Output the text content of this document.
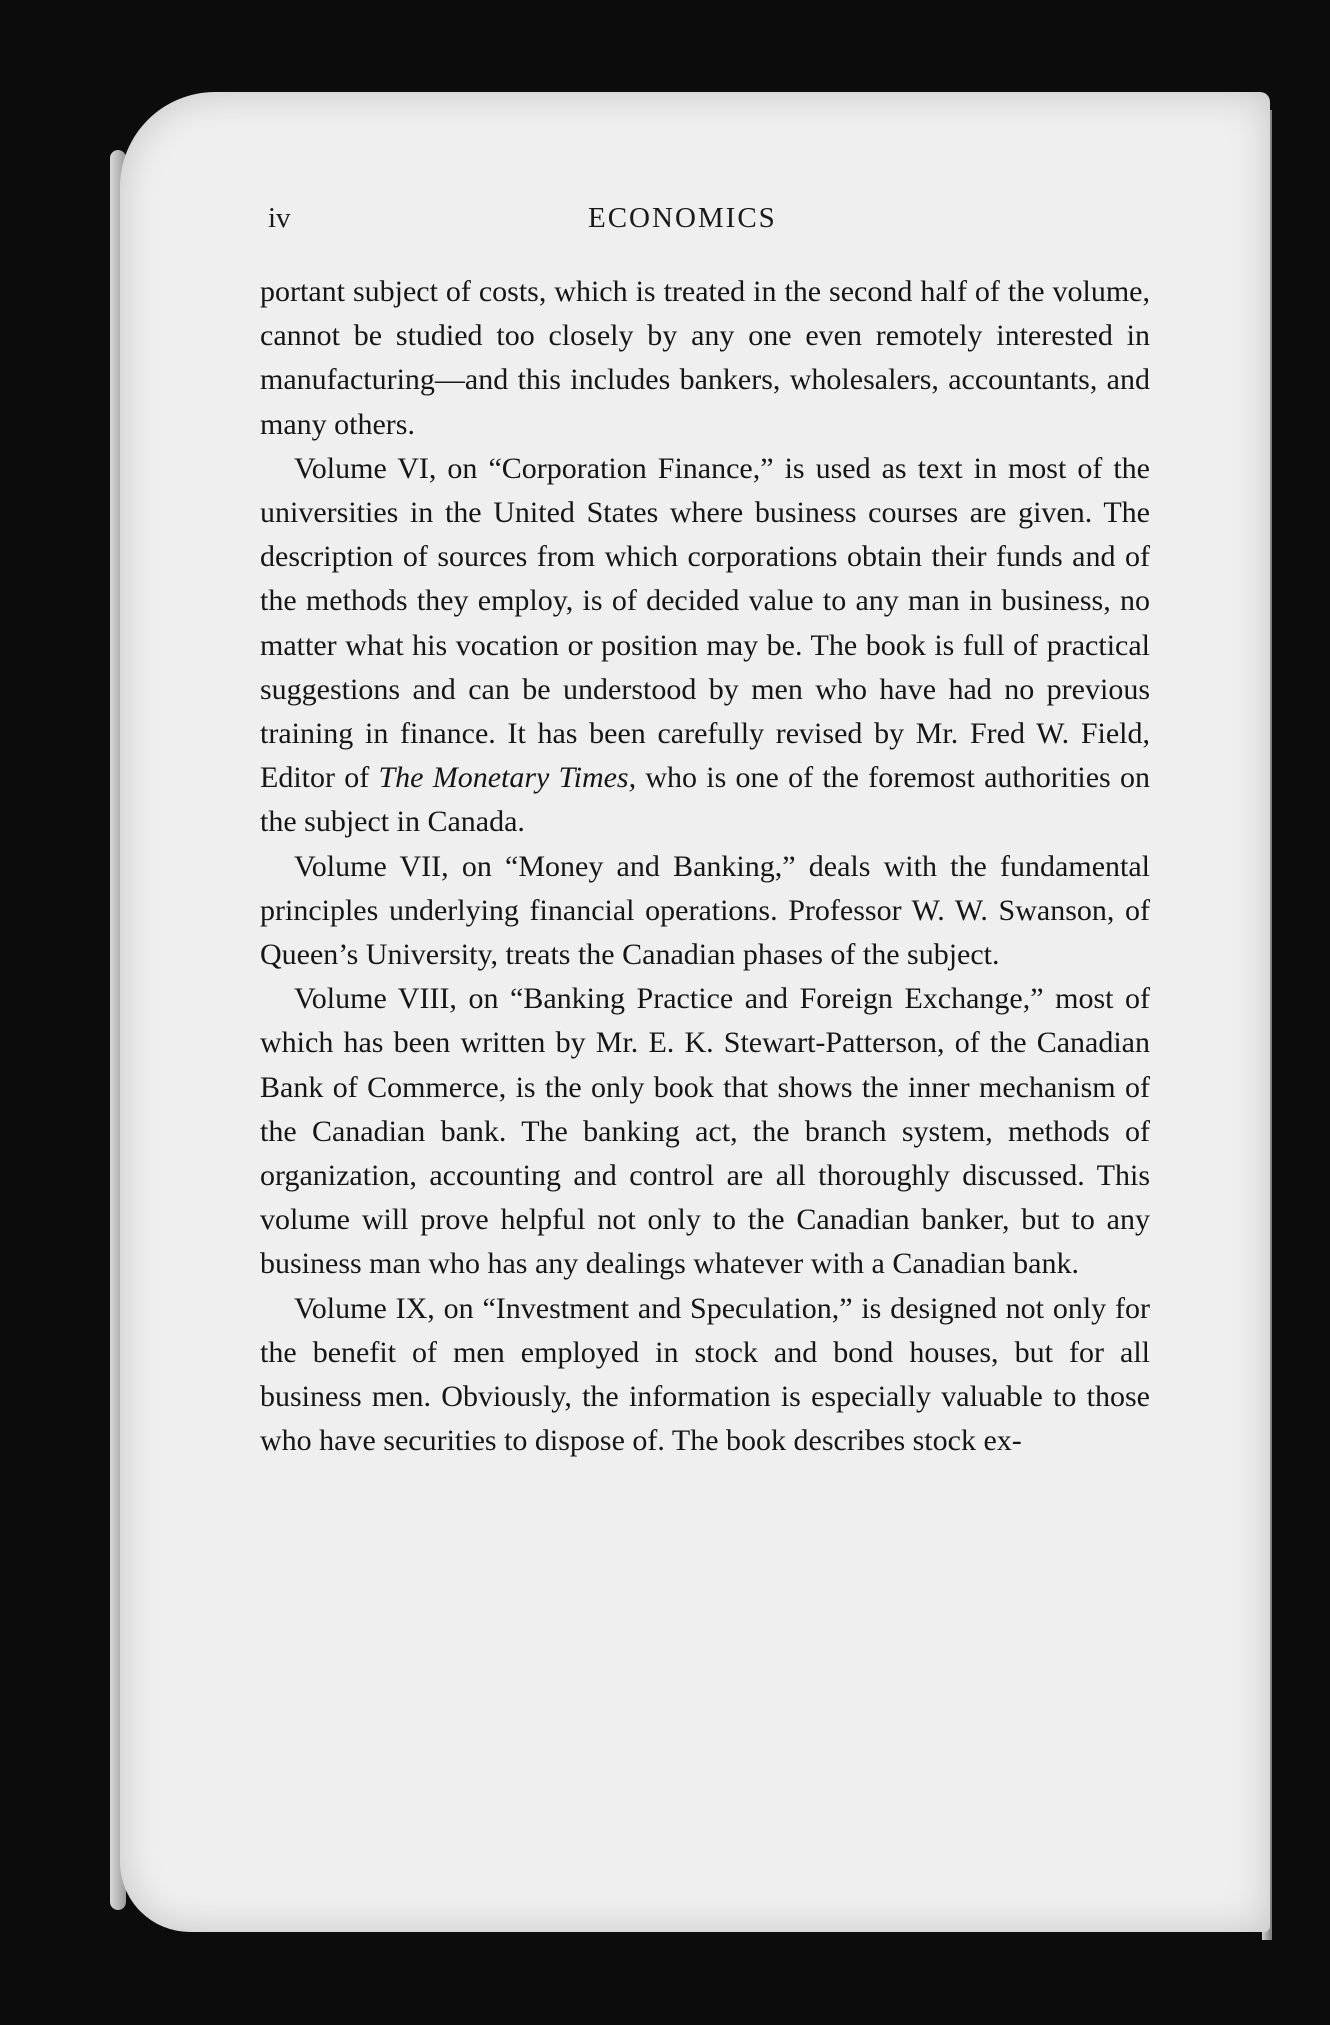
iv	ECONOMICS

portant subject of costs, which is treated in the second half of the volume, cannot be studied too closely by any one even remotely interested in manufacturing—and this includes bankers, wholesalers, accountants, and many others.

Volume VI, on “Corporation Finance,” is used as text in most of the universities in the United States where business courses are given. The description of sources from which corporations obtain their funds and of the methods they employ, is of decided value to any man in business, no matter what his vocation or position may be. The book is full of practical suggestions and can be understood by men who have had no previous training in finance. It has been carefully revised by Mr. Fred W. Field, Editor of The Monetary Times, who is one of the foremost authorities on the subject in Canada.

Volume VII, on “Money and Banking,” deals with the fundamental principles underlying financial operations. Professor W. W. Swanson, of Queen’s University, treats the Canadian phases of the subject.

Volume VIII, on “Banking Practice and Foreign Exchange,” most of which has been written by Mr. E. K. Stewart-Patterson, of the Canadian Bank of Commerce, is the only book that shows the inner mechanism of the Canadian bank. The banking act, the branch system, methods of organization, accounting and control are all thoroughly discussed. This volume will prove helpful not only to the Canadian banker, but to any business man who has any dealings whatever with a Canadian bank.

Volume IX, on “Investment and Speculation,” is designed not only for the benefit of men employed in stock and bond houses, but for all business men. Obviously, the information is especially valuable to those who have securities to dispose of. The book describes stock ex-
